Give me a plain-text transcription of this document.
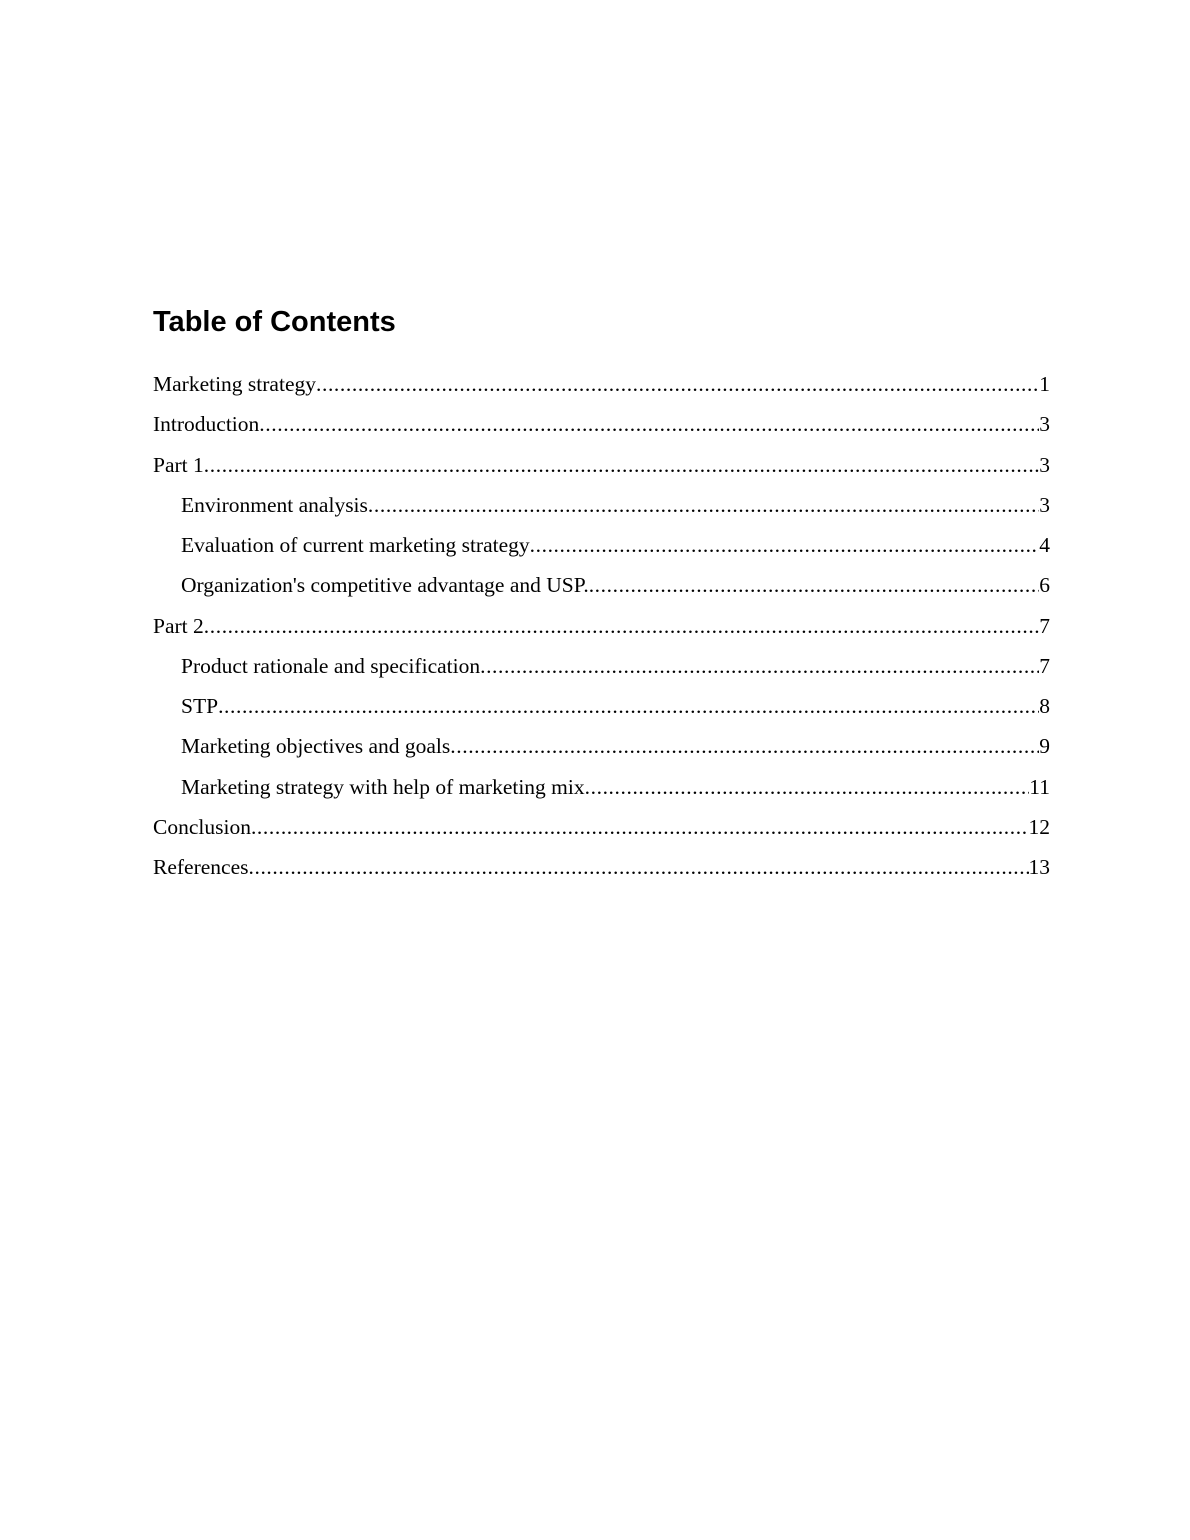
Table of Contents
Marketing strategy .....	1
Introduction .....	3
Part 1 .....	3
Environment analysis .....	3
Evaluation of current marketing strategy .....	4
Organization's competitive advantage and USP. .....	6
Part 2 .....	7
Product rationale and specification .....	7
STP .....	8
Marketing objectives and goals .....	9
Marketing strategy with help of marketing mix .....	11
Conclusion .....	12
References .....	13
